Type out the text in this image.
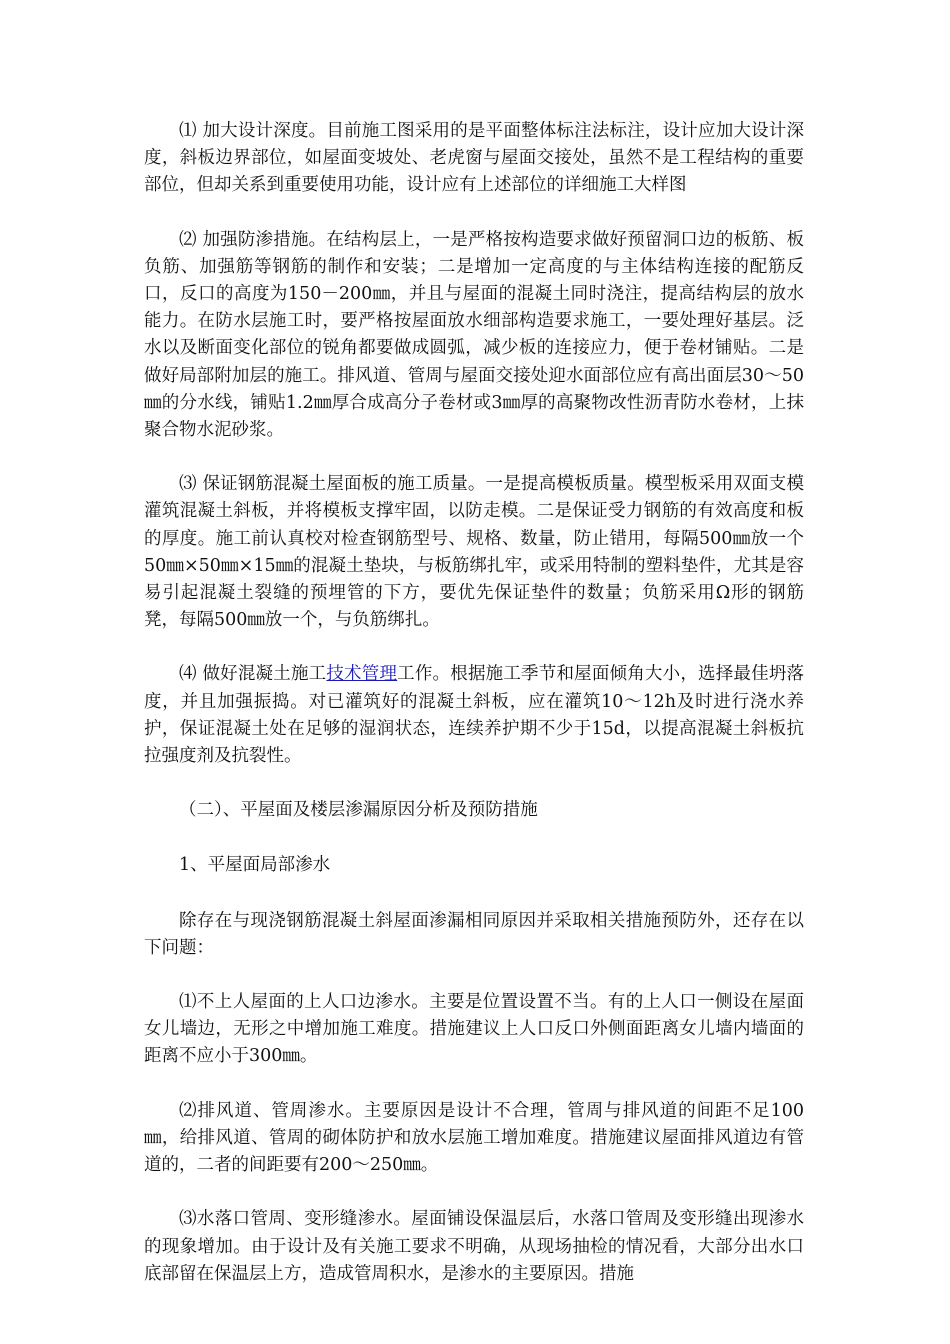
⑴ 加大设计深度。目前施工图采用的是平面整体标注法标注，设计应加大设计深度，斜板边界部位，如屋面变坡处、老虎窗与屋面交接处，虽然不是工程结构的重要部位，但却关系到重要使用功能，设计应有上述部位的详细施工大样图

⑵ 加强防渗措施。在结构层上，一是严格按构造要求做好预留洞口边的板筋、板负筋、加强筋等钢筋的制作和安装；二是增加一定高度的与主体结构连接的配筋反口，反口的高度为150－200㎜，并且与屋面的混凝土同时浇注，提高结构层的放水能力。在防水层施工时，要严格按屋面放水细部构造要求施工，一要处理好基层。泛水以及断面变化部位的锐角都要做成圆弧，减少板的连接应力，便于卷材铺贴。二是做好局部附加层的施工。排风道、管周与屋面交接处迎水面部位应有高出面层30～50㎜的分水线，铺贴1.2㎜厚合成高分子卷材或3㎜厚的高聚物改性沥青防水卷材，上抹聚合物水泥砂浆。

⑶ 保证钢筋混凝土屋面板的施工质量。一是提高模板质量。模型板采用双面支模灌筑混凝土斜板，并将模板支撑牢固，以防走模。二是保证受力钢筋的有效高度和板的厚度。施工前认真校对检查钢筋型号、规格、数量，防止错用，每隔500㎜放一个50㎜×50㎜×15㎜的混凝土垫块，与板筋绑扎牢，或采用特制的塑料垫件，尤其是容易引起混凝土裂缝的预埋管的下方，要优先保证垫件的数量；负筋采用Ω形的钢筋凳，每隔500㎜放一个，与负筋绑扎。

⑷ 做好混凝土施工技术管理工作。根据施工季节和屋面倾角大小，选择最佳坍落度，并且加强振捣。对已灌筑好的混凝土斜板，应在灌筑10～12h及时进行浇水养护，保证混凝土处在足够的湿润状态，连续养护期不少于15d，以提高混凝土斜板抗拉强度剂及抗裂性。

（二）、平屋面及楼层渗漏原因分析及预防措施

1、平屋面局部渗水

除存在与现浇钢筋混凝土斜屋面渗漏相同原因并采取相关措施预防外，还存在以下问题：

⑴不上人屋面的上人口边渗水。主要是位置设置不当。有的上人口一侧设在屋面女儿墙边，无形之中增加施工难度。措施建议上人口反口外侧面距离女儿墙内墙面的距离不应小于300㎜。

⑵排风道、管周渗水。主要原因是设计不合理，管周与排风道的间距不足100㎜，给排风道、管周的砌体防护和放水层施工增加难度。措施建议屋面排风道边有管道的，二者的间距要有200～250㎜。

⑶水落口管周、变形缝渗水。屋面铺设保温层后，水落口管周及变形缝出现渗水的现象增加。由于设计及有关施工要求不明确，从现场抽检的情况看，大部分出水口底部留在保温层上方，造成管周积水，是渗水的主要原因。措施
